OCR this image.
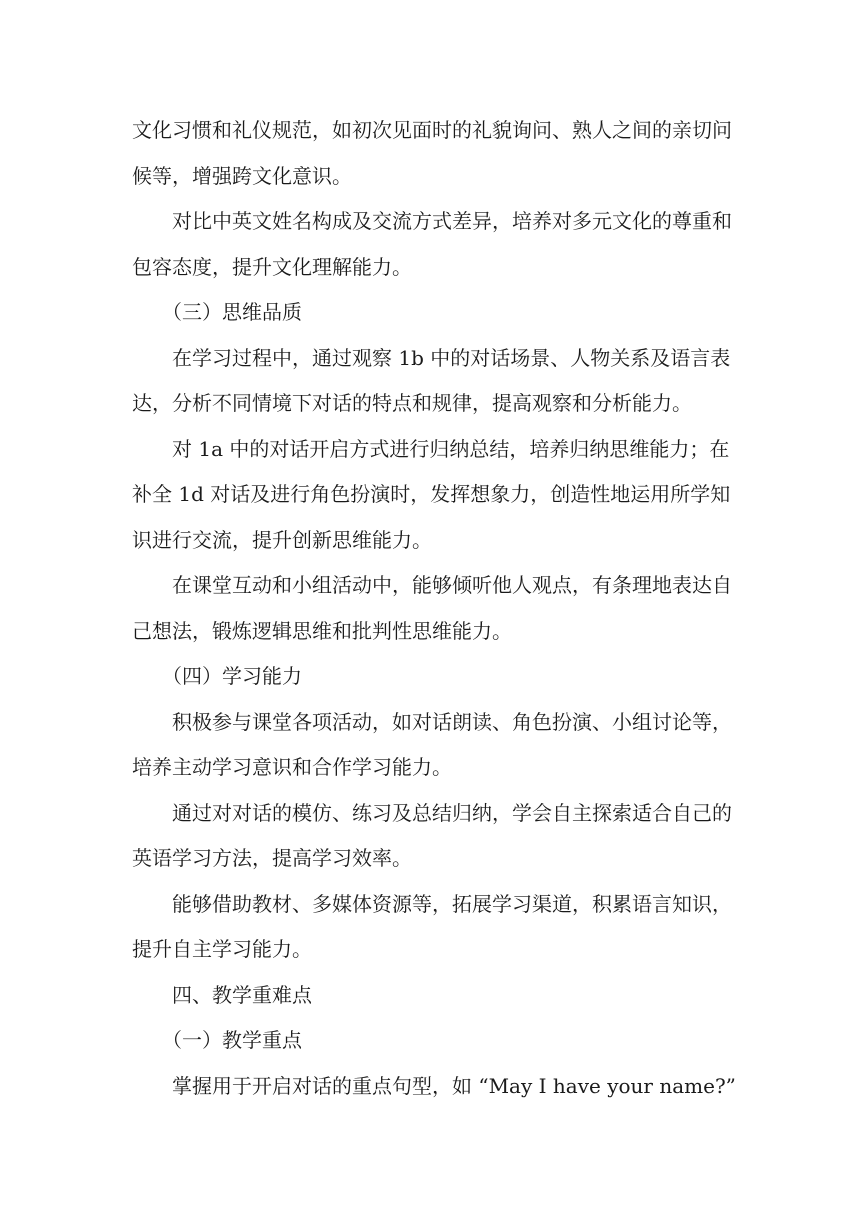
文化习惯和礼仪规范，如初次见面时的礼貌询问、熟人之间的亲切问
候等，增强跨文化意识。
对比中英文姓名构成及交流方式差异，培养对多元文化的尊重和
包容态度，提升文化理解能力。
（三）思维品质
在学习过程中，通过观察 1b 中的对话场景、人物关系及语言表
达，分析不同情境下对话的特点和规律，提高观察和分析能力。
对 1a 中的对话开启方式进行归纳总结，培养归纳思维能力；在
补全 1d 对话及进行角色扮演时，发挥想象力，创造性地运用所学知
识进行交流，提升创新思维能力。
在课堂互动和小组活动中，能够倾听他人观点，有条理地表达自
己想法，锻炼逻辑思维和批判性思维能力。
（四）学习能力
积极参与课堂各项活动，如对话朗读、角色扮演、小组讨论等，
培养主动学习意识和合作学习能力。
通过对对话的模仿、练习及总结归纳，学会自主探索适合自己的
英语学习方法，提高学习效率。
能够借助教材、多媒体资源等，拓展学习渠道，积累语言知识，
提升自主学习能力。
四、教学重难点
（一）教学重点
掌握用于开启对话的重点句型，如 “May I have your name?”
